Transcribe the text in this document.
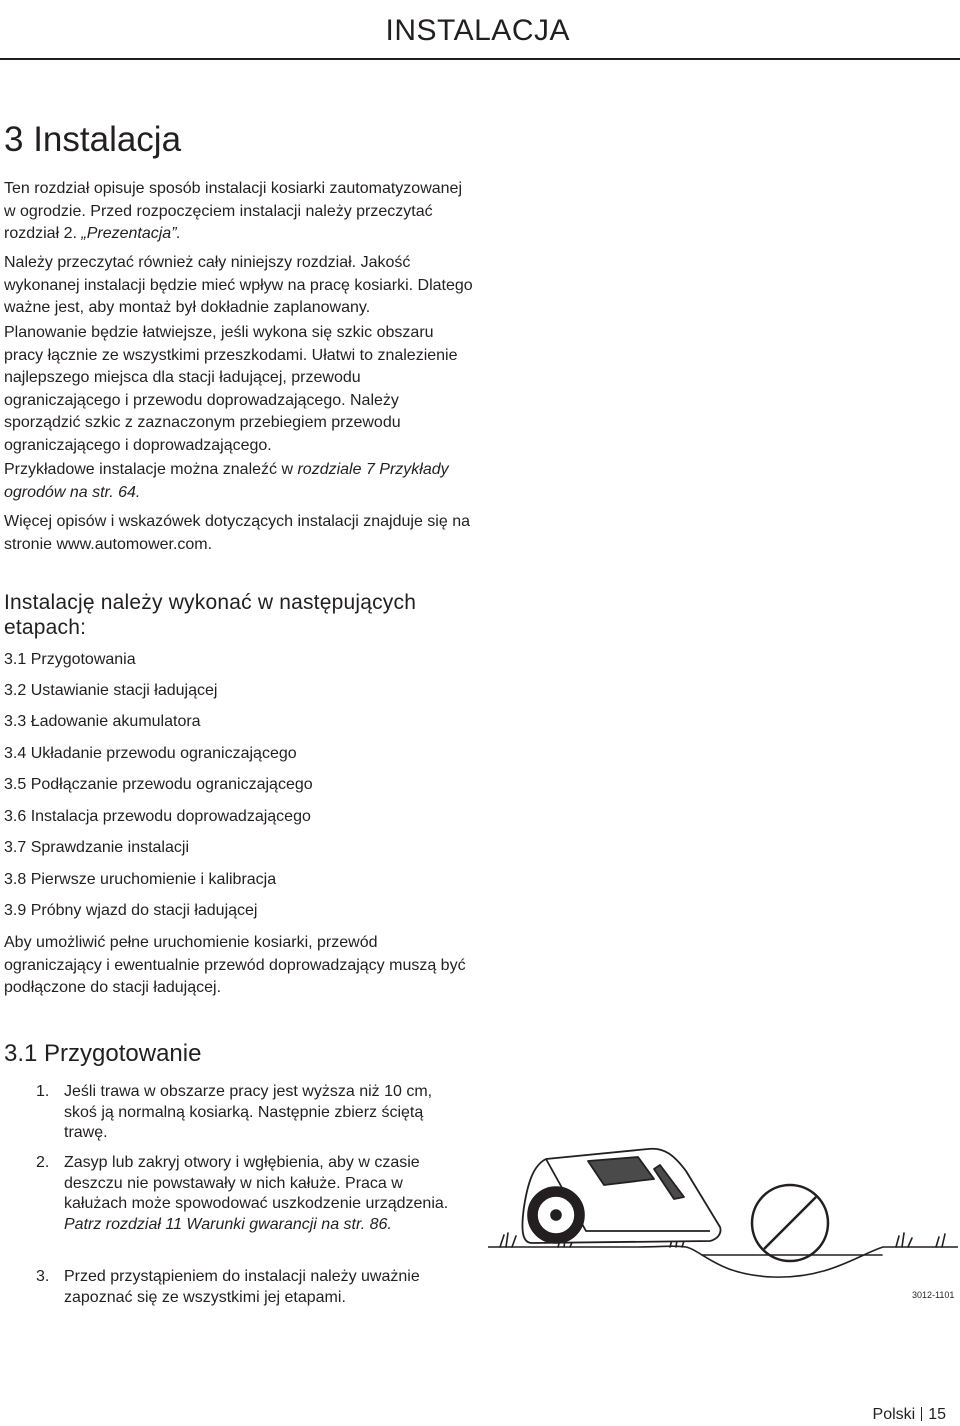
INSTALACJA
3 Instalacja

Ten rozdział opisuje sposób instalacji kosiarki zautomatyzowanej w ogrodzie. Przed rozpoczęciem instalacji należy przeczytać rozdział 2. „Prezentacja”.

Należy przeczytać również cały niniejszy rozdział. Jakość wykonanej instalacji będzie mieć wpływ na pracę kosiarki. Dlatego ważne jest, aby montaż był dokładnie zaplanowany.

Planowanie będzie łatwiejsze, jeśli wykona się szkic obszaru pracy łącznie ze wszystkimi przeszkodami. Ułatwi to znalezienie najlepszego miejsca dla stacji ładującej, przewodu ograniczającego i przewodu doprowadzającego. Należy sporządzić szkic z zaznaczonym przebiegiem przewodu ograniczającego i doprowadzającego.

Przykładowe instalacje można znaleźć w rozdziale 7 Przykłady ogrodów na str. 64.

Więcej opisów i wskazówek dotyczących instalacji znajduje się na stronie www.automower.com.

Instalację należy wykonać w następujących etapach:
3.1 Przygotowania
3.2 Ustawianie stacji ładującej
3.3 Ładowanie akumulatora
3.4 Układanie przewodu ograniczającego
3.5 Podłączanie przewodu ograniczającego
3.6 Instalacja przewodu doprowadzającego
3.7 Sprawdzanie instalacji
3.8 Pierwsze uruchomienie i kalibracja
3.9 Próbny wjazd do stacji ładującej

Aby umożliwić pełne uruchomienie kosiarki, przewód ograniczający i ewentualnie przewód doprowadzający muszą być podłączone do stacji ładującej.

3.1 Przygotowanie
1. Jeśli trawa w obszarze pracy jest wyższa niż 10 cm, skoś ją normalną kosiarką. Następnie zbierz ściętą trawę.
2. Zasyp lub zakryj otwory i wgłębienia, aby w czasie deszczu nie powstawały w nich kałuże. Praca w kałużach może spowodować uszkodzenie urządzenia. Patrz rozdział 11 Warunki gwarancji na str. 86.
3. Przed przystąpieniem do instalacji należy uważnie zapoznać się ze wszystkimi jej etapami.	3012-1101
Polski 15
